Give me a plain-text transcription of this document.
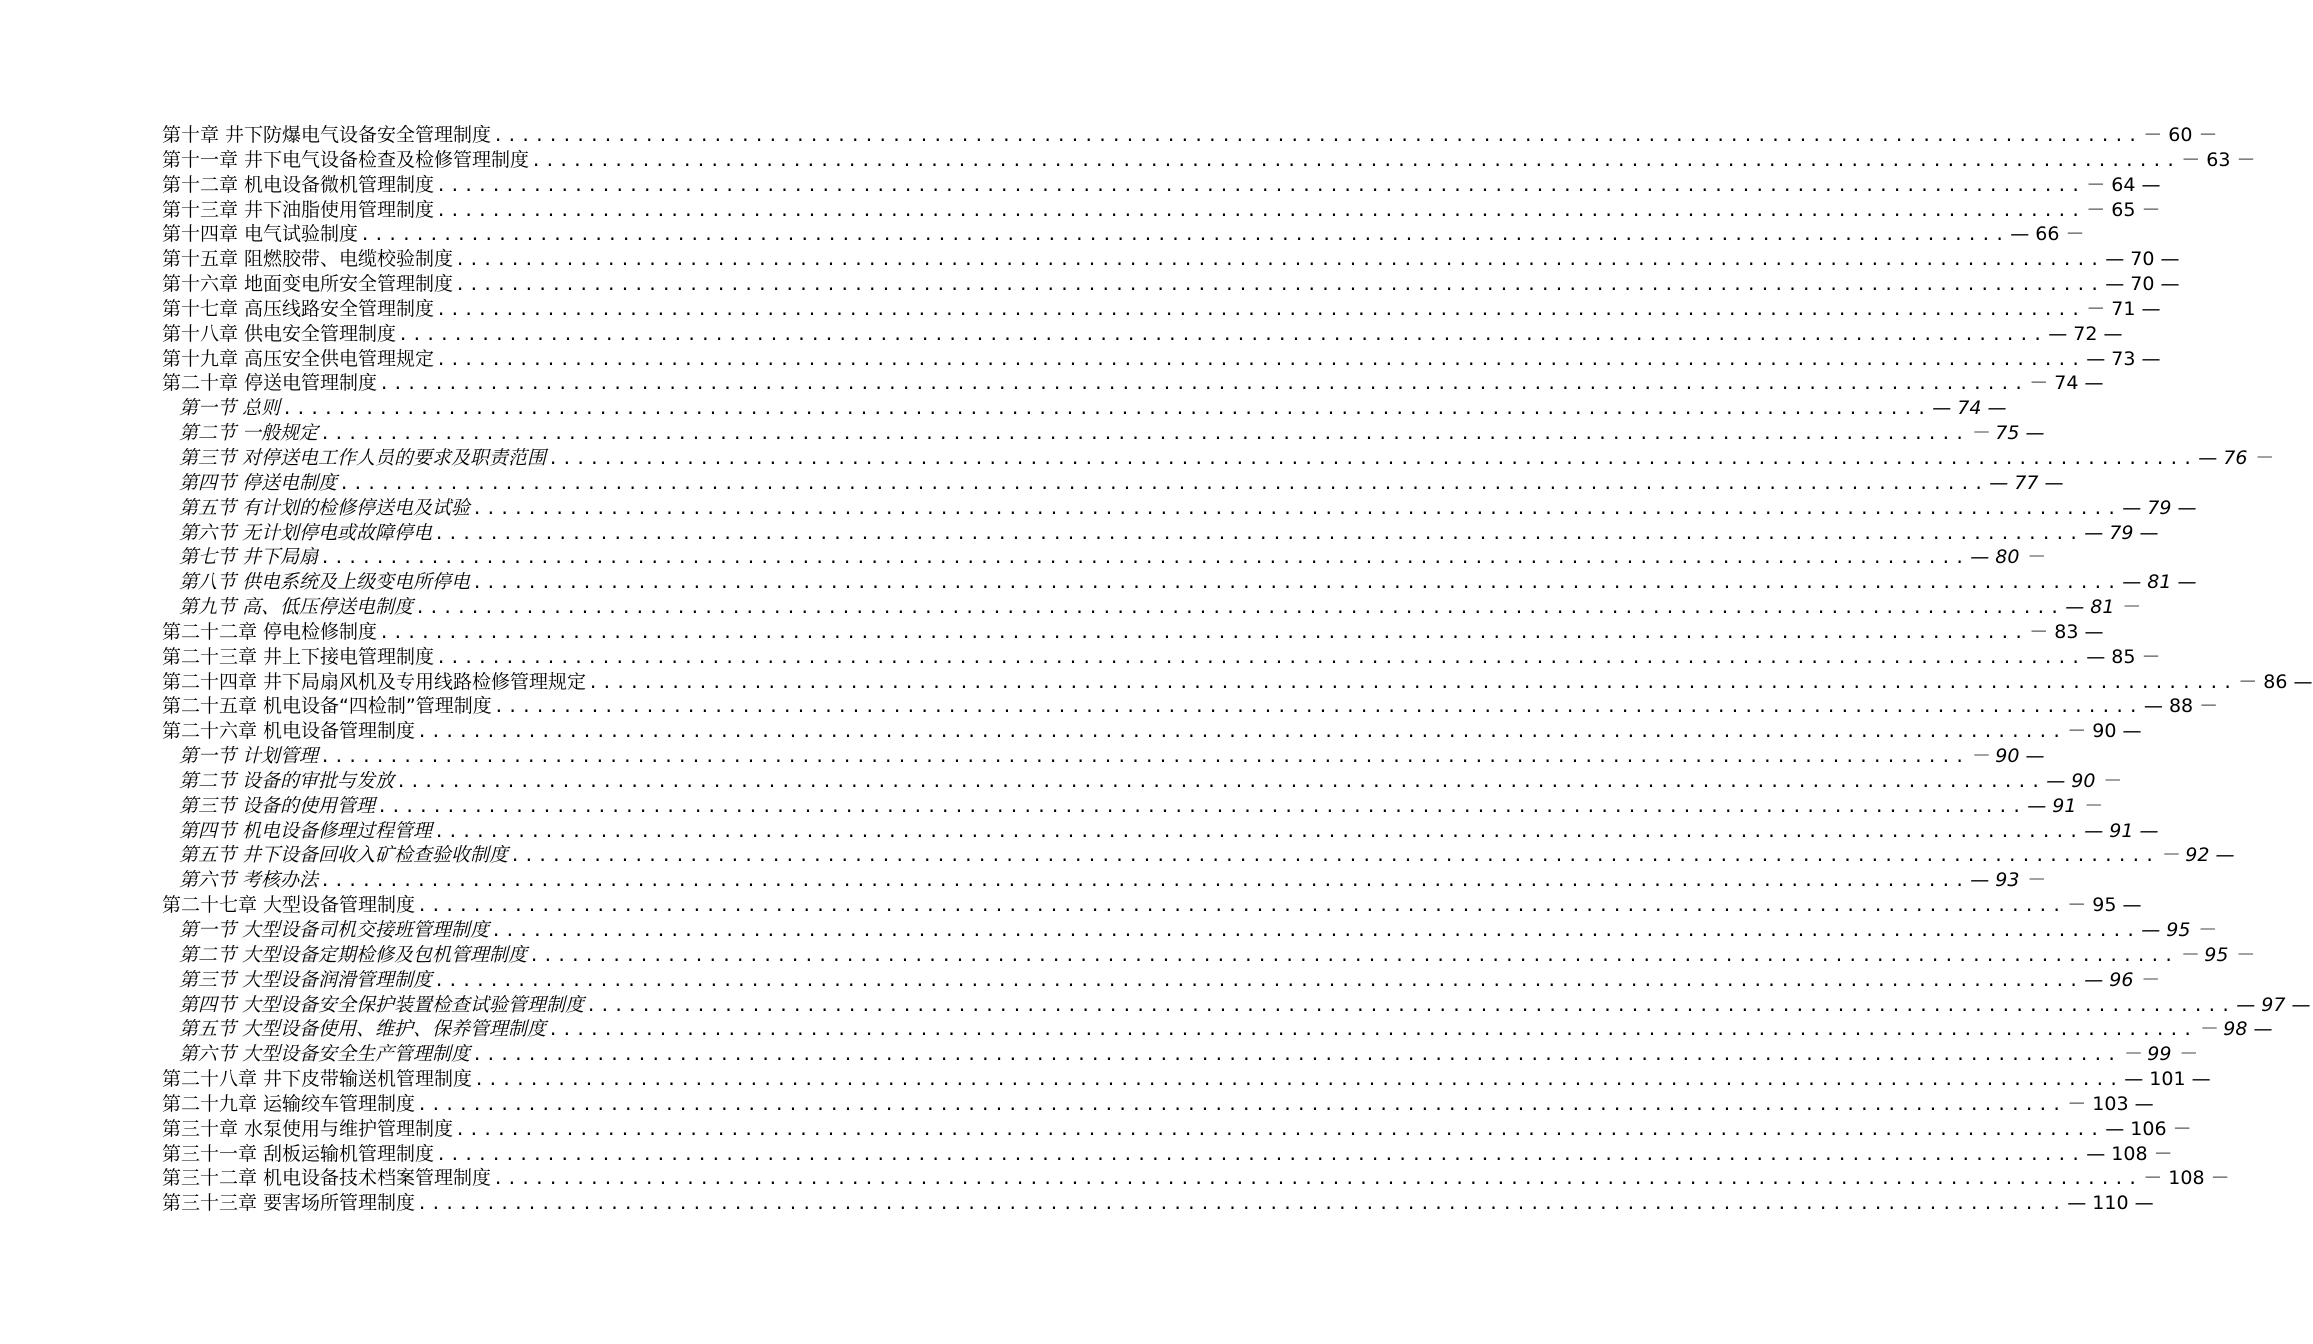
第十章 井下防爆电气设备安全管理制度 ........................................................................................................................ － 60 －
第十一章 井下电气设备检查及检修管理制度 ........................................................................................................................ － 63 －
第十二章 机电设备微机管理制度 ........................................................................................................................ － 64 —
第十三章 井下油脂使用管理制度 ........................................................................................................................ － 65 －
第十四章 电气试验制度 ........................................................................................................................ — 66 －
第十五章 阻燃胶带、电缆校验制度 ........................................................................................................................ — 70 —
第十六章 地面变电所安全管理制度 ........................................................................................................................ — 70 —
第十七章 高压线路安全管理制度 ........................................................................................................................ － 71 —
第十八章 供电安全管理制度 ........................................................................................................................ — 72 —
第十九章 高压安全供电管理规定 ........................................................................................................................ — 73 —
第二十章 停送电管理制度 ........................................................................................................................ － 74 —
第一节 总则 ........................................................................................................................ — 74 —
第二节 一般规定 ........................................................................................................................ － 75 —
第三节 对停送电工作人员的要求及职责范围 ........................................................................................................................ — 76 －
第四节 停送电制度 ........................................................................................................................ — 77 —
第五节 有计划的检修停送电及试验 ........................................................................................................................ — 79 —
第六节 无计划停电或故障停电 ........................................................................................................................ — 79 —
第七节 井下局扇 ........................................................................................................................ — 80 －
第八节 供电系统及上级变电所停电 ........................................................................................................................ — 81 —
第九节 高、低压停送电制度 ........................................................................................................................ — 81 －
第二十二章 停电检修制度 ........................................................................................................................ － 83 —
第二十三章 井上下接电管理制度 ........................................................................................................................ — 85 －
第二十四章 井下局扇风机及专用线路检修管理规定 ........................................................................................................................ － 86 —
第二十五章 机电设备“四检制”管理制度 ........................................................................................................................ — 88 －
第二十六章 机电设备管理制度 ........................................................................................................................ － 90 —
第一节 计划管理 ........................................................................................................................ － 90 —
第二节 设备的审批与发放 ........................................................................................................................ — 90 －
第三节 设备的使用管理 ........................................................................................................................ — 91 －
第四节 机电设备修理过程管理 ........................................................................................................................ — 91 —
第五节 井下设备回收入矿检查验收制度 ........................................................................................................................ － 92 —
第六节 考核办法 ........................................................................................................................ — 93 －
第二十七章 大型设备管理制度 ........................................................................................................................ － 95 —
第一节 大型设备司机交接班管理制度 ........................................................................................................................ — 95 －
第二节 大型设备定期检修及包机管理制度 ........................................................................................................................ － 95 －
第三节 大型设备润滑管理制度 ........................................................................................................................ — 96 －
第四节 大型设备安全保护装置检查试验管理制度 ........................................................................................................................ — 97 —
第五节 大型设备使用、维护、保养管理制度 ........................................................................................................................ － 98 —
第六节 大型设备安全生产管理制度 ........................................................................................................................ － 99 －
第二十八章 井下皮带输送机管理制度 ........................................................................................................................ — 101 —
第二十九章 运输绞车管理制度 ........................................................................................................................ － 103 —
第三十章 水泵使用与维护管理制度 ........................................................................................................................ — 106 －
第三十一章 刮板运输机管理制度 ........................................................................................................................ — 108 －
第三十二章 机电设备技术档案管理制度 ........................................................................................................................ － 108 －
第三十三章 要害场所管理制度 ........................................................................................................................ — 110 —
